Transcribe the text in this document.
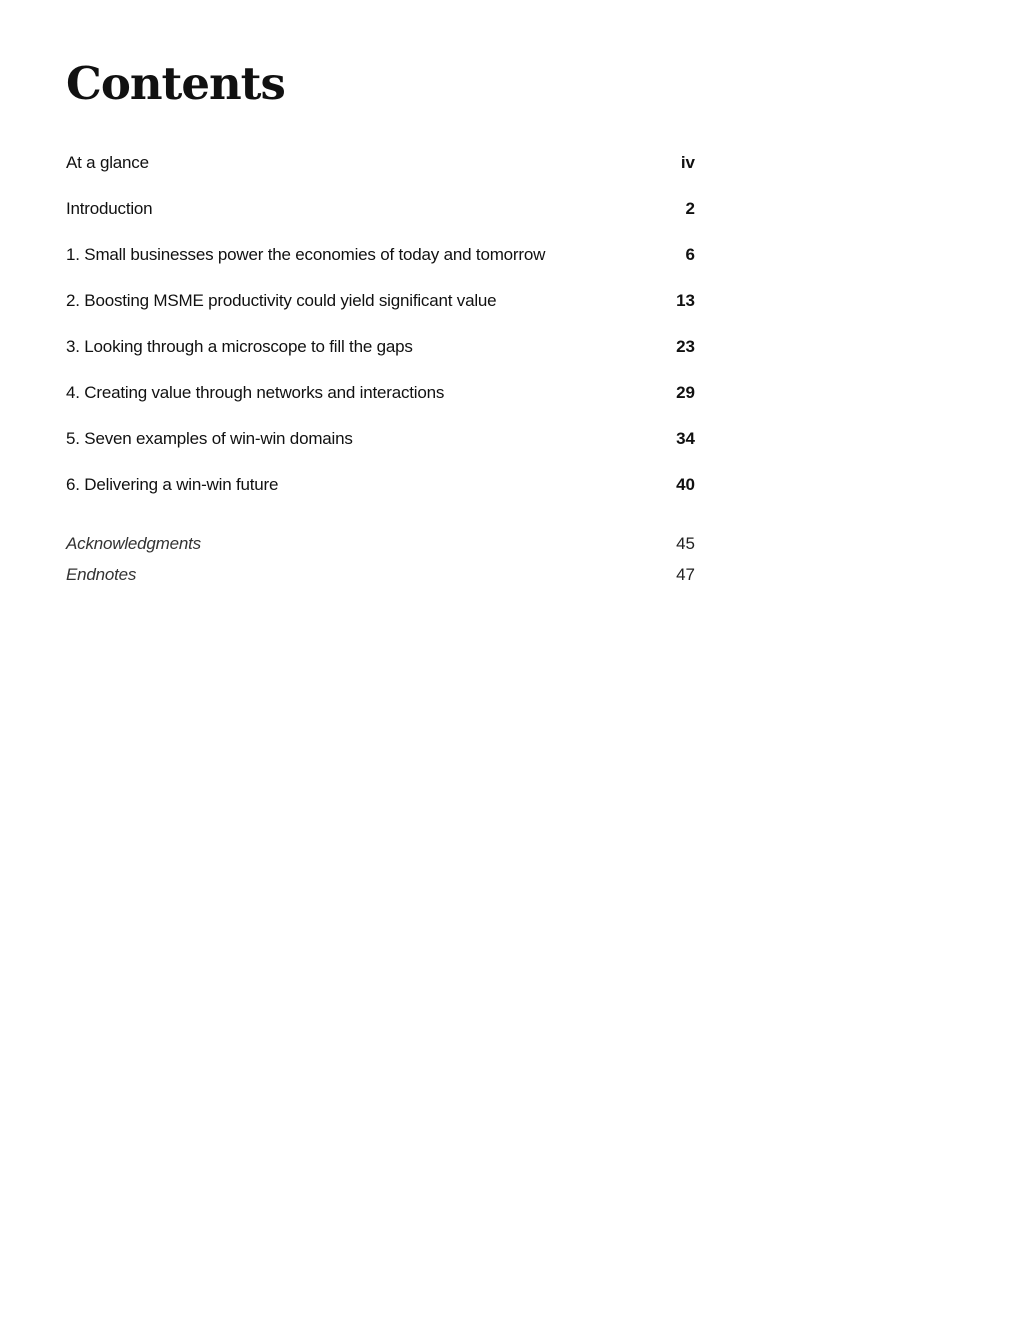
Contents
At a glance	iv
Introduction	2
1. Small businesses power the economies of today and tomorrow	6
2. Boosting MSME productivity could yield significant value	13
3. Looking through a microscope to fill the gaps	23
4. Creating value through networks and interactions	29
5. Seven examples of win-win domains	34
6. Delivering a win-win future	40
Acknowledgments	45
Endnotes	47
